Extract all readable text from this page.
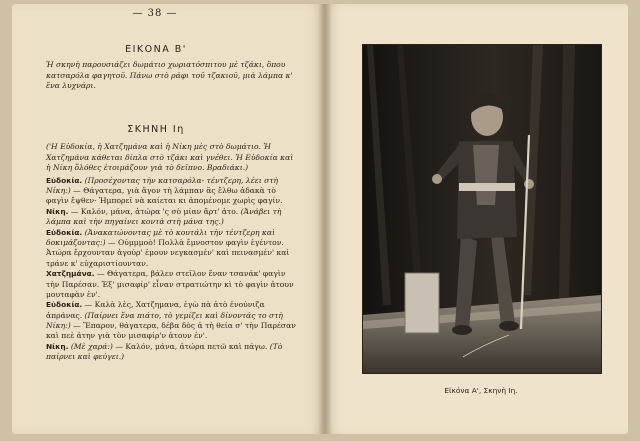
— 38 —
ΕΙΚΟΝΑ Β'

Ἡ σκηνὴ παρουσιάζει δωμάτιο χωριατόσπιτου μὲ τζάκι, ὅπου κατσαρόλα φαγητοῦ. Πάνω στὸ ράφι τοῦ τζακιοῦ, μιὰ λάμπα κ' ἕνα λυχνάρι.

ΣΚΗΝΗ Ιη

('Η Εὐδοκία, ἡ Χατζημάνα καὶ ἡ Νίκη μὲς στὸ δωμάτιο. Ἡ Χατζημάνα κάθεται δίπλα στὸ τζάκι καὶ γνέθει. Ἡ Εὐδοκία καὶ ἡ Νίκη ὄλόθες ἑτοιμάζουν γιὰ τὸ δεῖπνο. Βραδιάκι.)

Εὐδοκία. (Προσέχοντας τὴν κατσαρόλα- τέντζερη, λέει στὴ Νίκη:) — Θάγατερα, γιὰ ἄγον τὴ λάμπαν ἂς ἔλθω ἀδακὰ τὸ φαγὶν ἔψθεν· Ἠμπορεῖ νὰ καίεται κι ἀπομένομε χωρὶς φαγίν.

Νίκη. — Καλόν, μάνα, ἀτώρα 'ς σὸ μίαν ἄρτ' ἀτο. (Ἀνάβει τὴ λάμπα καὶ τὴν πηγαίνει κοντὰ στὴ μάνα της.)

Εὐδοκία. (Ἀνακατώνοντας μὲ τὸ κουτάλι τὴν τέντζερη καὶ δοκιμάζοντας:) — Ούμμμοὸ! Πολλὰ ἔμνοστον φαγὶν ἐγέντον. Ἀτώρα ἔρχουνταν ἀγούρ' ἐμουν νεγκασμέν' καὶ πεινασμέν' καὶ τράνε κ' εὐχαριστίουνταν.

Χατζημάνα. — Θάγατερα, βάλεν στεῖλον ἕναν τσανάκ' φαγὶν τὴν Παρέσαν. Ἐξ' μισαφίρ' εἶναν στρατιώτην κὶ τὸ φαγὶν ἀτουν μουταφὰν ἐν'.

Εὐδοκία. — Καλὰ λὲς, Χατζημανα, ἐγὼ πὰ ἀτὸ ἐνούνιζα ἀπράνας. (Παίρνει ἕνα πιάτο, τὸ γεμίζει καὶ δίνοντάς το στὴ Νίκη:) — Ἔπαρον, θάγατερα, δέβα δὸς ἀ τὴ θεία σ' τὴν Παρέσαν καὶ πεὲ ἀτην γιὰ τὸν μισαφίρ'ν ἀτουν ἐν'.

Νίκη. (Μὲ χαρά:) — Καλόν, μάνα, ἀτώρα πετῶ καὶ πάγω. (Τὸ παίρνει καὶ φεύγει.)

Εἰκόνα Α', Σκηνὴ Ιη.
